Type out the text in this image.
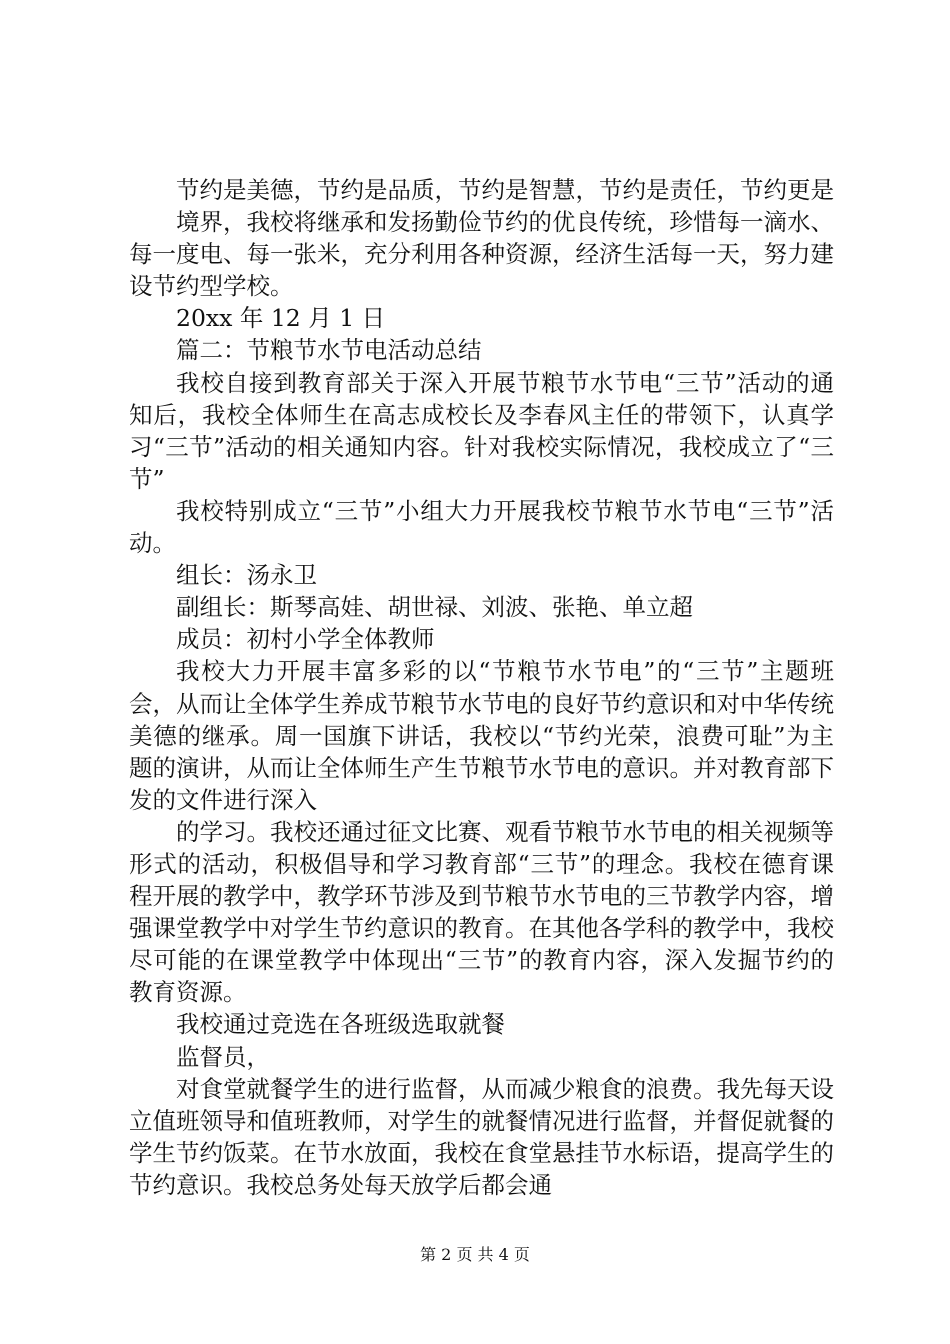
节约是美德，节约是品质，节约是智慧，节约是责任，节约更是

境界，我校将继承和发扬勤俭节约的优良传统，珍惜每一滴水、每一度电、每一张米，充分利用各种资源，经济生活每一天，努力建设节约型学校。

20xx 年 12 月 1 日

篇二：节粮节水节电活动总结

我校自接到教育部关于深入开展节粮节水节电“三节”活动的通知后，我校全体师生在高志成校长及李春风主任的带领下，认真学习“三节”活动的相关通知内容。针对我校实际情况，我校成立了“三节”

我校特别成立“三节”小组大力开展我校节粮节水节电“三节”活动。

组长：汤永卫

副组长：斯琴高娃、胡世禄、刘波、张艳、单立超

成员：初村小学全体教师

我校大力开展丰富多彩的以“节粮节水节电”的“三节”主题班会，从而让全体学生养成节粮节水节电的良好节约意识和对中华传统美德的继承。周一国旗下讲话，我校以“节约光荣，浪费可耻”为主题的演讲，从而让全体师生产生节粮节水节电的意识。并对教育部下发的文件进行深入

的学习。我校还通过征文比赛、观看节粮节水节电的相关视频等形式的活动，积极倡导和学习教育部“三节”的理念。我校在德育课程开展的教学中，教学环节涉及到节粮节水节电的三节教学内容，增强课堂教学中对学生节约意识的教育。在其他各学科的教学中，我校尽可能的在课堂教学中体现出“三节”的教育内容，深入发掘节约的教育资源。

我校通过竞选在各班级选取就餐

监督员，

对食堂就餐学生的进行监督，从而减少粮食的浪费。我先每天设立值班领导和值班教师，对学生的就餐情况进行监督，并督促就餐的学生节约饭菜。在节水放面，我校在食堂悬挂节水标语，提高学生的节约意识。我校总务处每天放学后都会通

第 2 页 共 4 页
